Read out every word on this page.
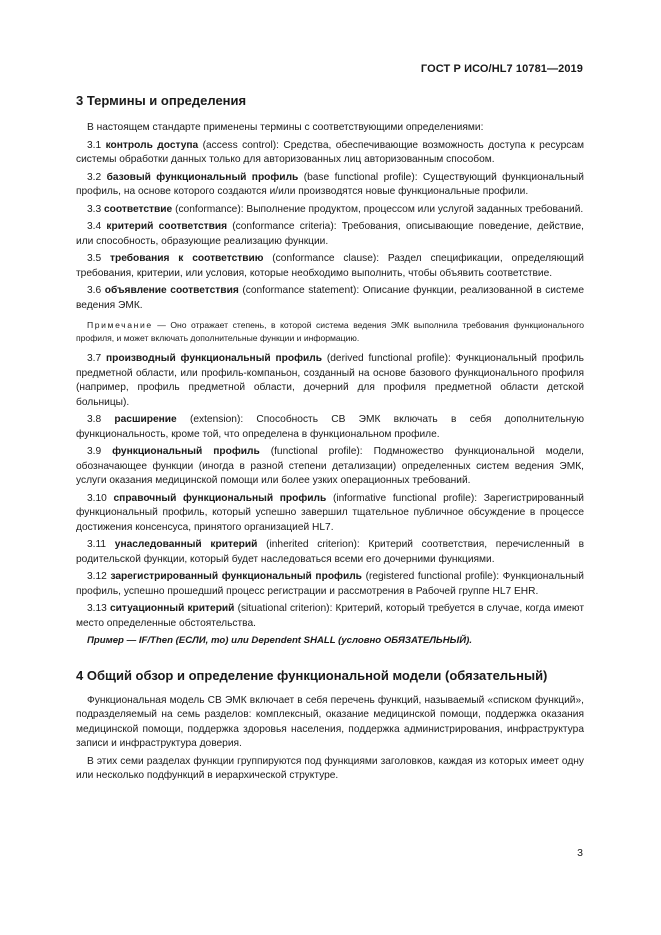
ГОСТ Р ИСО/HL7 10781—2019
3 Термины и определения

В настоящем стандарте применены термины с соответствующими определениями:

3.1 контроль доступа (access control): Средства, обеспечивающие возможность доступа к ресурсам системы обработки данных только для авторизованных лиц авторизованным способом.

3.2 базовый функциональный профиль (base functional profile): Существующий функциональный профиль, на основе которого создаются и/или производятся новые функциональные профили.

3.3 соответствие (conformance): Выполнение продуктом, процессом или услугой заданных требований.

3.4 критерий соответствия (conformance criteria): Требования, описывающие поведение, действие, или способность, образующие реализацию функции.

3.5 требования к соответствию (conformance clause): Раздел спецификации, определяющий требования, критерии, или условия, которые необходимо выполнить, чтобы объявить соответствие.

3.6 объявление соответствия (conformance statement): Описание функции, реализованной в системе ведения ЭМК.

Примечание — Оно отражает степень, в которой система ведения ЭМК выполнила требования функционального профиля, и может включать дополнительные функции и информацию.

3.7 производный функциональный профиль (derived functional profile): Функциональный профиль предметной области, или профиль-компаньон, созданный на основе базового функционального профиля (например, профиль предметной области, дочерний для профиля предметной области детской больницы).

3.8 расширение (extension): Способность СВ ЭМК включать в себя дополнительную функциональность, кроме той, что определена в функциональном профиле.

3.9 функциональный профиль (functional profile): Подмножество функциональной модели, обозначающее функции (иногда в разной степени детализации) определенных систем ведения ЭМК, услуги оказания медицинской помощи или более узких операционных требований.

3.10 справочный функциональный профиль (informative functional profile): Зарегистрированный функциональный профиль, который успешно завершил тщательное публичное обсуждение в процессе достижения консенсуса, принятого организацией HL7.

3.11 унаследованный критерий (inherited criterion): Критерий соответствия, перечисленный в родительской функции, который будет наследоваться всеми его дочерними функциями.

3.12 зарегистрированный функциональный профиль (registered functional profile): Функциональный профиль, успешно прошедший процесс регистрации и рассмотрения в Рабочей группе HL7 EHR.

3.13 ситуационный критерий (situational criterion): Критерий, который требуется в случае, когда имеют место определенные обстоятельства.

Пример — IF/Then (ЕСЛИ, то) или Dependent SHALL (условно ОБЯЗАТЕЛЬНЫЙ).

4 Общий обзор и определение функциональной модели (обязательный)

Функциональная модель СВ ЭМК включает в себя перечень функций, называемый «списком функций», подразделяемый на семь разделов: комплексный, оказание медицинской помощи, поддержка оказания медицинской помощи, поддержка здоровья населения, поддержка администрирования, инфраструктура записи и инфраструктура доверия.

В этих семи разделах функции группируются под функциями заголовков, каждая из которых имеет одну или несколько подфункций в иерархической структуре.

3
